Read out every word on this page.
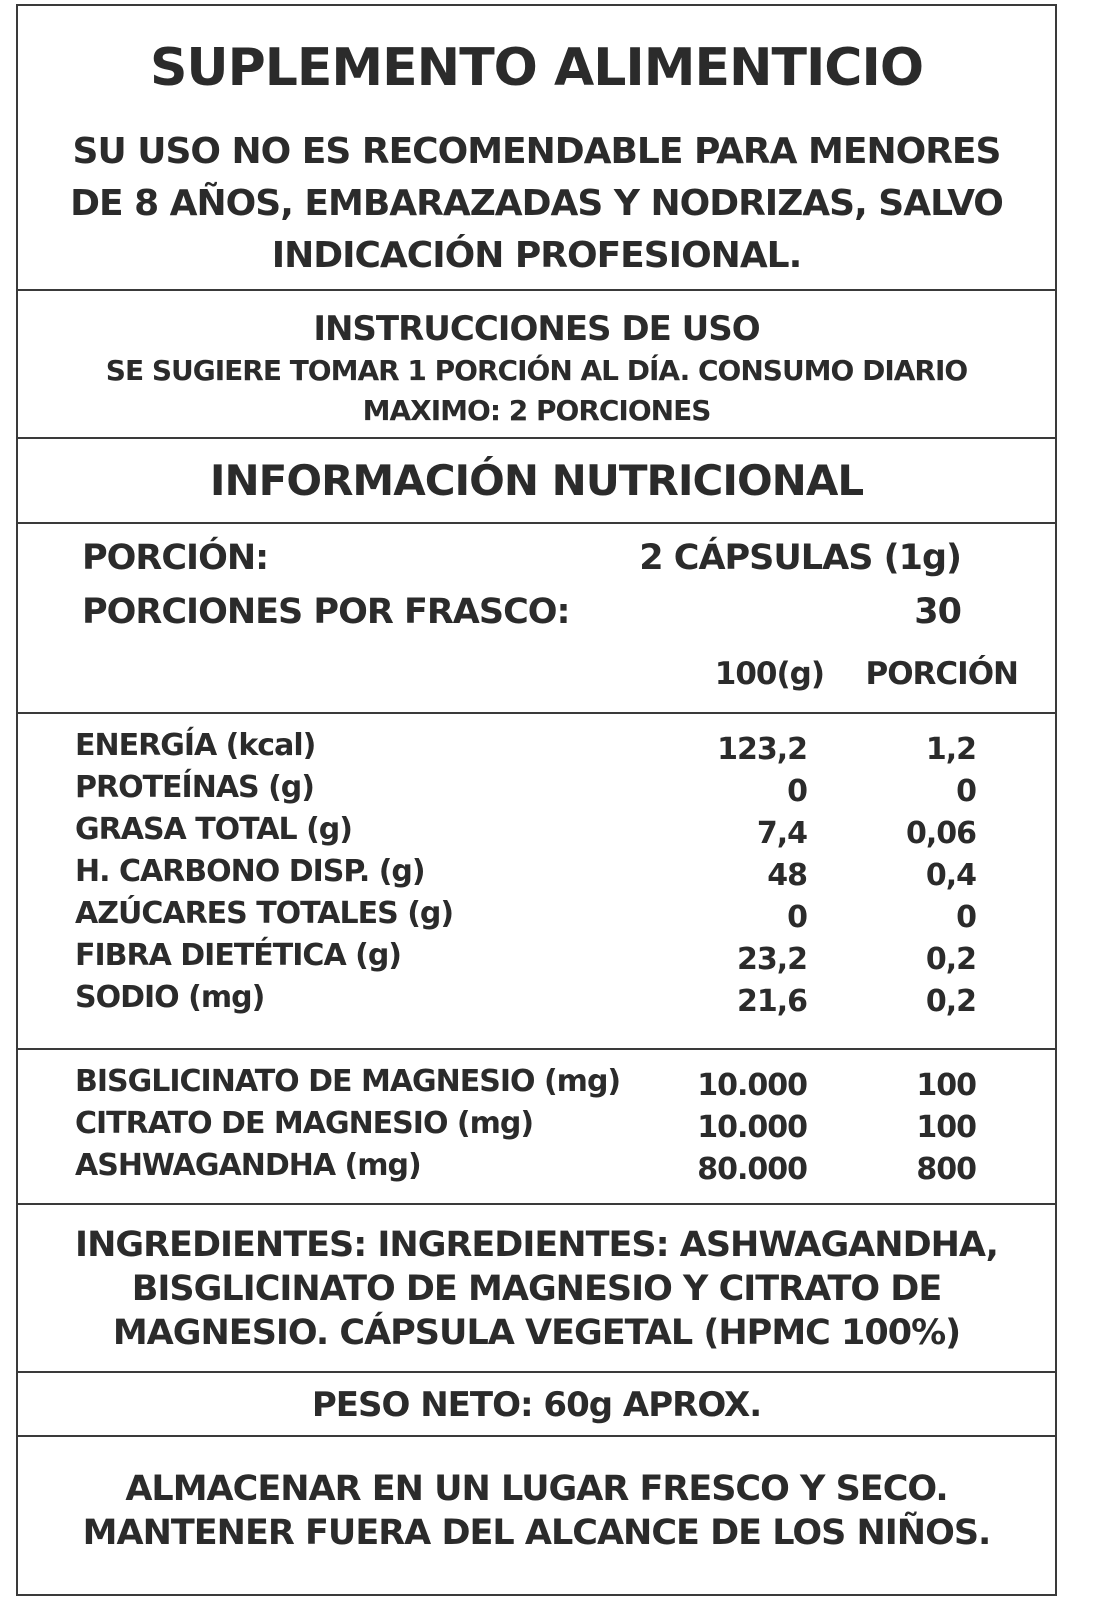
SUPLEMENTO ALIMENTICIO
SU USO NO ES RECOMENDABLE PARA MENORES
DE 8 AÑOS, EMBARAZADAS Y NODRIZAS, SALVO
INDICACIÓN PROFESIONAL.
INSTRUCCIONES DE USO
SE SUGIERE TOMAR 1 PORCIÓN AL DÍA. CONSUMO DIARIO
MAXIMO: 2 PORCIONES
INFORMACIÓN NUTRICIONAL
PORCIÓN:	2 CÁPSULAS (1g)
PORCIONES POR FRASCO:	30
100(g) PORCIÓN
ENERGÍA (kcal)	123,2	1,2
PROTEÍNAS (g)	0	0
GRASA TOTAL (g)	7,4	0,06
H. CARBONO DISP. (g)	48	0,4
AZÚCARES TOTALES (g)	0	0
FIBRA DIETÉTICA (g)	23,2	0,2
SODIO (mg)	21,6	0,2
BISGLICINATO DE MAGNESIO (mg)	10.000	100
CITRATO DE MAGNESIO (mg)	10.000	100
ASHWAGANDHA (mg)	80.000	800
INGREDIENTES: INGREDIENTES: ASHWAGANDHA,
BISGLICINATO DE MAGNESIO Y CITRATO DE
MAGNESIO. CÁPSULA VEGETAL (HPMC 100%)
PESO NETO: 60g APROX.
ALMACENAR EN UN LUGAR FRESCO Y SECO.
MANTENER FUERA DEL ALCANCE DE LOS NIÑOS.
